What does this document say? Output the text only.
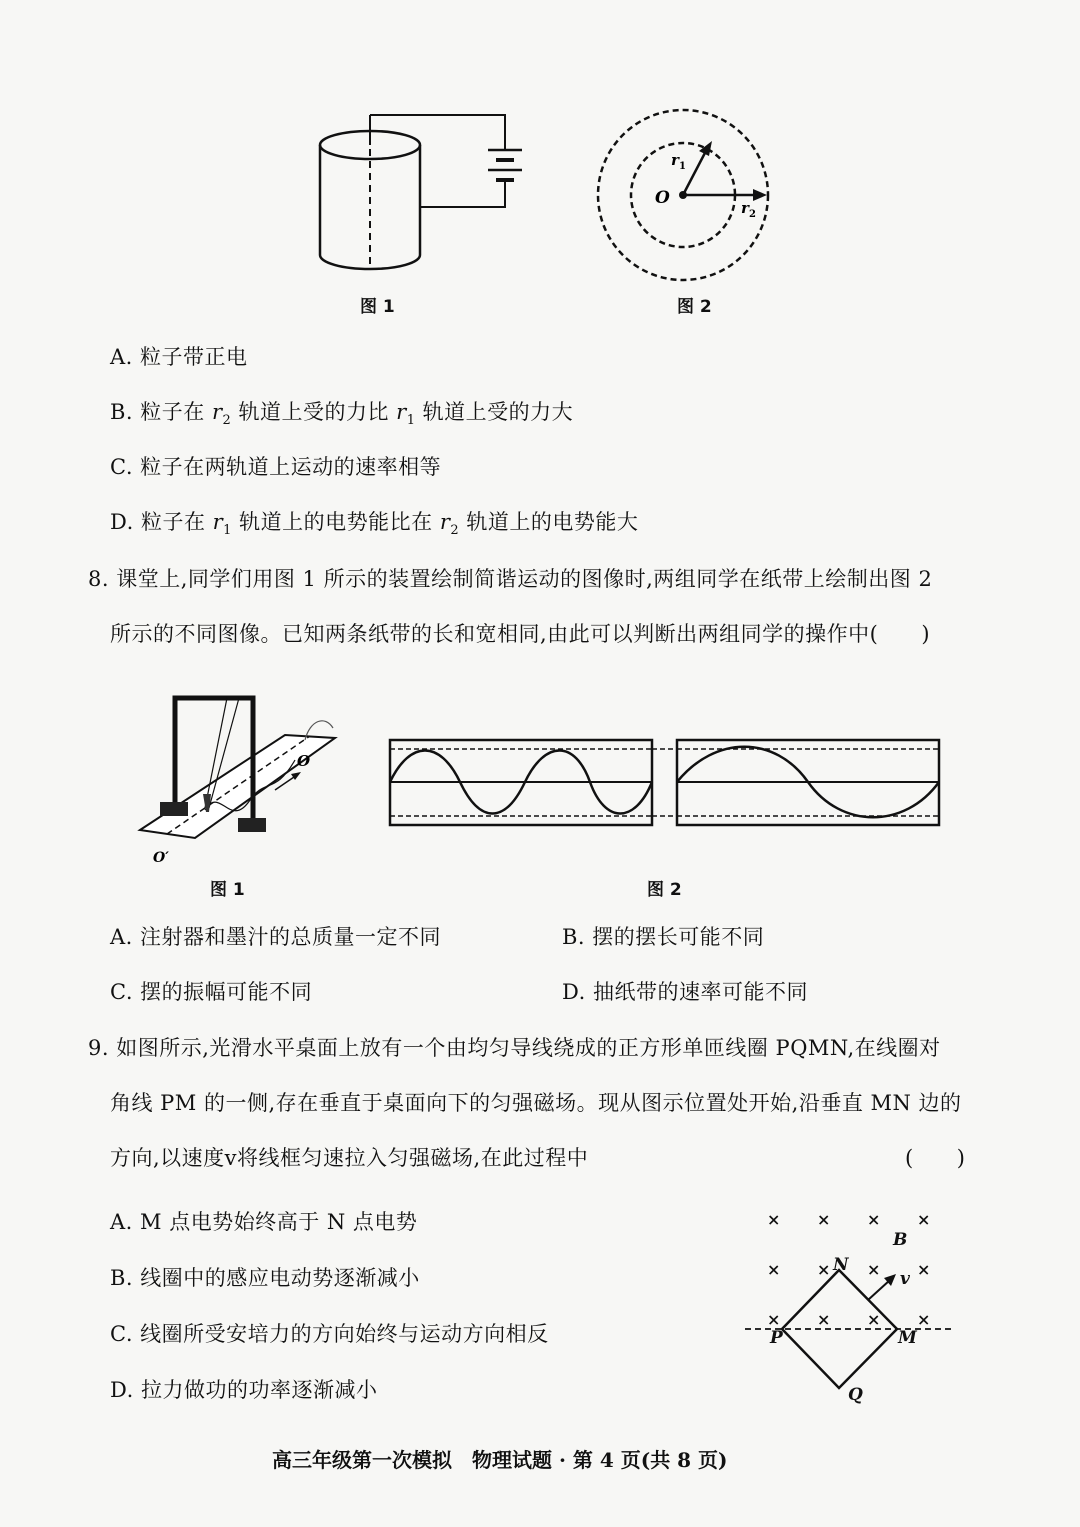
图 1
O
r 1
r 2
图 2
A. 粒子带正电
B. 粒子在 $r_2$ 轨道上受的力比 $r_1$ 轨道上受的力大
C. 粒子在两轨道上运动的速率相等
D. 粒子在 $r_1$ 轨道上的电势能比在 $r_2$ 轨道上的电势能大
8. 课堂上,同学们用图 1 所示的装置绘制简谐运动的图像时,两组同学在纸带上绘制出图 2
所示的不同图像。已知两条纸带的长和宽相同,由此可以判断出两组同学的操作中(　　)
O
O′
图 1	图 2
A. 注射器和墨汁的总质量一定不同	B. 摆的摆长可能不同
C. 摆的振幅可能不同	D. 抽纸带的速率可能不同
9. 如图所示,光滑水平桌面上放有一个由均匀导线绕成的正方形单匝线圈 PQMN,在线圈对
角线 PM 的一侧,存在垂直于桌面向下的匀强磁场。现从图示位置处开始,沿垂直 MN 边的
方向,以速度v将线框匀速拉入匀强磁场,在此过程中	(　　)
A. M 点电势始终高于 N 点电势
B. 线圈中的感应电动势逐渐减小
C. 线圈所受安培力的方向始终与运动方向相反
D. 拉力做功的功率逐渐减小
× × × ×
× × × ×
× × × ×
B
N
P	M
Q
v
高三年级第一次模拟　物理试题 · 第 4 页(共 8 页)
